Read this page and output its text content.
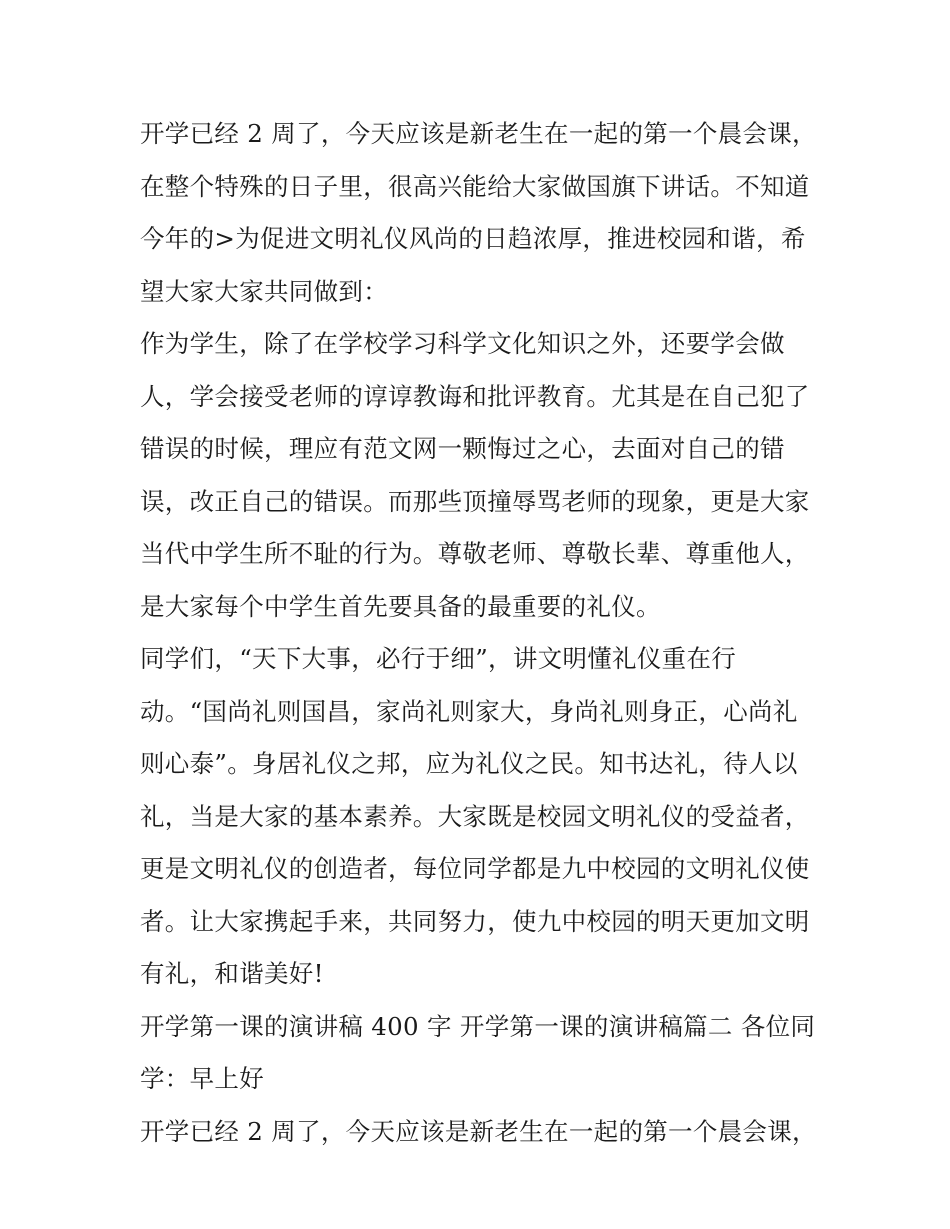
开学已经 2 周了，今天应该是新老生在一起的第一个晨会课，
在整个特殊的日子里，很高兴能给大家做国旗下讲话。不知道
今年的>为促进文明礼仪风尚的日趋浓厚，推进校园和谐，希
望大家大家共同做到：
作为学生，除了在学校学习科学文化知识之外，还要学会做
人，学会接受老师的谆谆教诲和批评教育。尤其是在自己犯了
错误的时候，理应有范文网一颗悔过之心，去面对自己的错
误，改正自己的错误。而那些顶撞辱骂老师的现象，更是大家
当代中学生所不耻的行为。尊敬老师、尊敬长辈、尊重他人，
是大家每个中学生首先要具备的最重要的礼仪。
同学们，“天下大事，必行于细”，讲文明懂礼仪重在行
动。“国尚礼则国昌，家尚礼则家大，身尚礼则身正，心尚礼
则心泰”。身居礼仪之邦，应为礼仪之民。知书达礼，待人以
礼，当是大家的基本素养。大家既是校园文明礼仪的受益者，
更是文明礼仪的创造者，每位同学都是九中校园的文明礼仪使
者。让大家携起手来，共同努力，使九中校园的明天更加文明
有礼，和谐美好!
开学第一课的演讲稿 400 字 开学第一课的演讲稿篇二 各位同
学：早上好
开学已经 2 周了，今天应该是新老生在一起的第一个晨会课，
